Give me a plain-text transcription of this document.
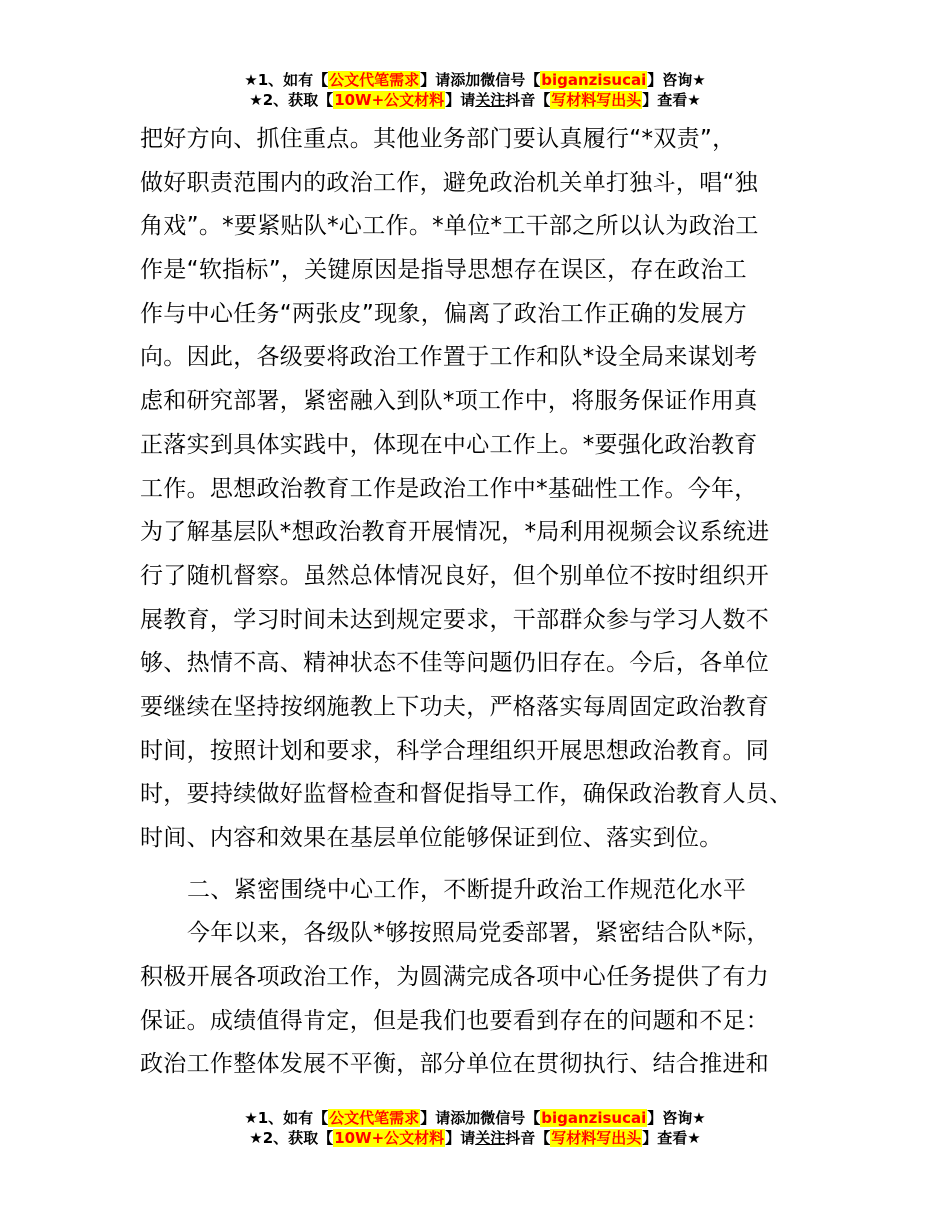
★1、如有【公文代笔需求】请添加微信号【biganzisucai】咨询★
★2、获取【10W+公文材料】请关注抖音【写材料写出头】查看★
把好方向、抓住重点。其他业务部门要认真履行“*双责”，
做好职责范围内的政治工作，避免政治机关单打独斗，唱“独
角戏”。*要紧贴队*心工作。*单位*工干部之所以认为政治工
作是“软指标”，关键原因是指导思想存在误区，存在政治工
作与中心任务“两张皮”现象，偏离了政治工作正确的发展方
向。因此，各级要将政治工作置于工作和队*设全局来谋划考
虑和研究部署，紧密融入到队*项工作中，将服务保证作用真
正落实到具体实践中，体现在中心工作上。*要强化政治教育
工作。思想政治教育工作是政治工作中*基础性工作。今年，
为了解基层队*想政治教育开展情况，*局利用视频会议系统进
行了随机督察。虽然总体情况良好，但个别单位不按时组织开
展教育，学习时间未达到规定要求，干部群众参与学习人数不
够、热情不高、精神状态不佳等问题仍旧存在。今后，各单位
要继续在坚持按纲施教上下功夫，严格落实每周固定政治教育
时间，按照计划和要求，科学合理组织开展思想政治教育。同
时，要持续做好监督检查和督促指导工作，确保政治教育人员、
时间、内容和效果在基层单位能够保证到位、落实到位。
二、紧密围绕中心工作，不断提升政治工作规范化水平
今年以来，各级队*够按照局党委部署，紧密结合队*际，
积极开展各项政治工作，为圆满完成各项中心任务提供了有力
保证。成绩值得肯定，但是我们也要看到存在的问题和不足：
政治工作整体发展不平衡，部分单位在贯彻执行、结合推进和
★1、如有【公文代笔需求】请添加微信号【biganzisucai】咨询★
★2、获取【10W+公文材料】请关注抖音【写材料写出头】查看★
